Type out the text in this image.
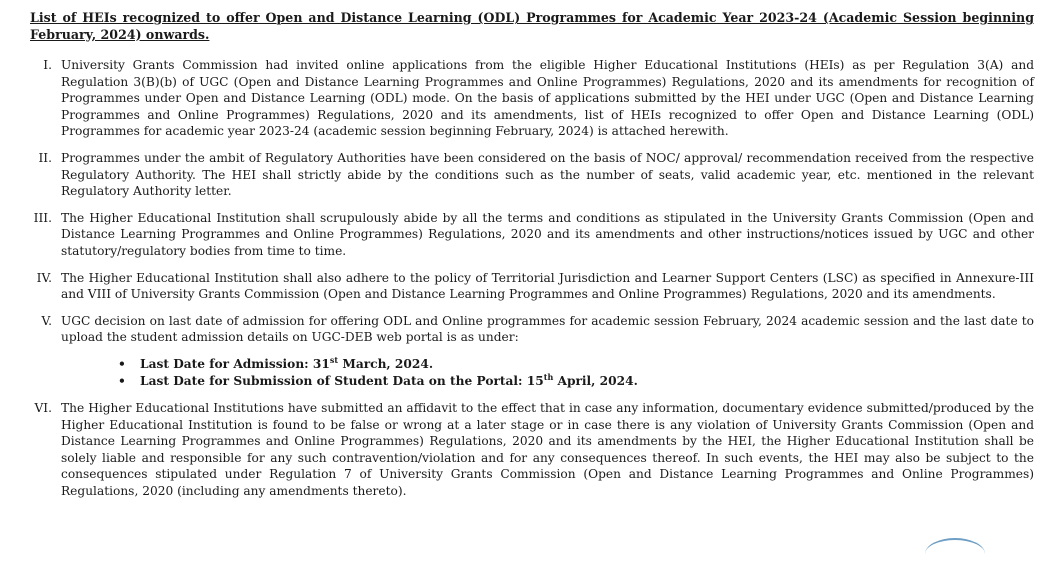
List of HEIs recognized to offer Open and Distance Learning (ODL) Programmes for Academic Year 2023-24 (Academic Session beginning February, 2024) onwards.

I. University Grants Commission had invited online applications from the eligible Higher Educational Institutions (HEIs) as per Regulation 3(A) and Regulation 3(B)(b) of UGC (Open and Distance Learning Programmes and Online Programmes) Regulations, 2020 and its amendments for recognition of Programmes under Open and Distance Learning (ODL) mode. On the basis of applications submitted by the HEI under UGC (Open and Distance Learning Programmes and Online Programmes) Regulations, 2020 and its amendments, list of HEIs recognized to offer Open and Distance Learning (ODL) Programmes for academic year 2023-24 (academic session beginning February, 2024) is attached herewith.
II. Programmes under the ambit of Regulatory Authorities have been considered on the basis of NOC/ approval/ recommendation received from the respective Regulatory Authority. The HEI shall strictly abide by the conditions such as the number of seats, valid academic year, etc. mentioned in the relevant Regulatory Authority letter.
III. The Higher Educational Institution shall scrupulously abide by all the terms and conditions as stipulated in the University Grants Commission (Open and Distance Learning Programmes and Online Programmes) Regulations, 2020 and its amendments and other instructions/notices issued by UGC and other statutory/regulatory bodies from time to time.
IV. The Higher Educational Institution shall also adhere to the policy of Territorial Jurisdiction and Learner Support Centers (LSC) as specified in Annexure-III and VIII of University Grants Commission (Open and Distance Learning Programmes and Online Programmes) Regulations, 2020 and its amendments.
V. UGC decision on last date of admission for offering ODL and Online programmes for academic session February, 2024 academic session and the last date to upload the student admission details on UGC-DEB web portal is as under:
• Last Date for Admission: 31st March, 2024.
• Last Date for Submission of Student Data on the Portal: 15th April, 2024.
VI. The Higher Educational Institutions have submitted an affidavit to the effect that in case any information, documentary evidence submitted/produced by the Higher Educational Institution is found to be false or wrong at a later stage or in case there is any violation of University Grants Commission (Open and Distance Learning Programmes and Online Programmes) Regulations, 2020 and its amendments by the HEI, the Higher Educational Institution shall be solely liable and responsible for any such contravention/violation and for any consequences thereof. In such events, the HEI may also be subject to the consequences stipulated under Regulation 7 of University Grants Commission (Open and Distance Learning Programmes and Online Programmes) Regulations, 2020 (including any amendments thereto).
